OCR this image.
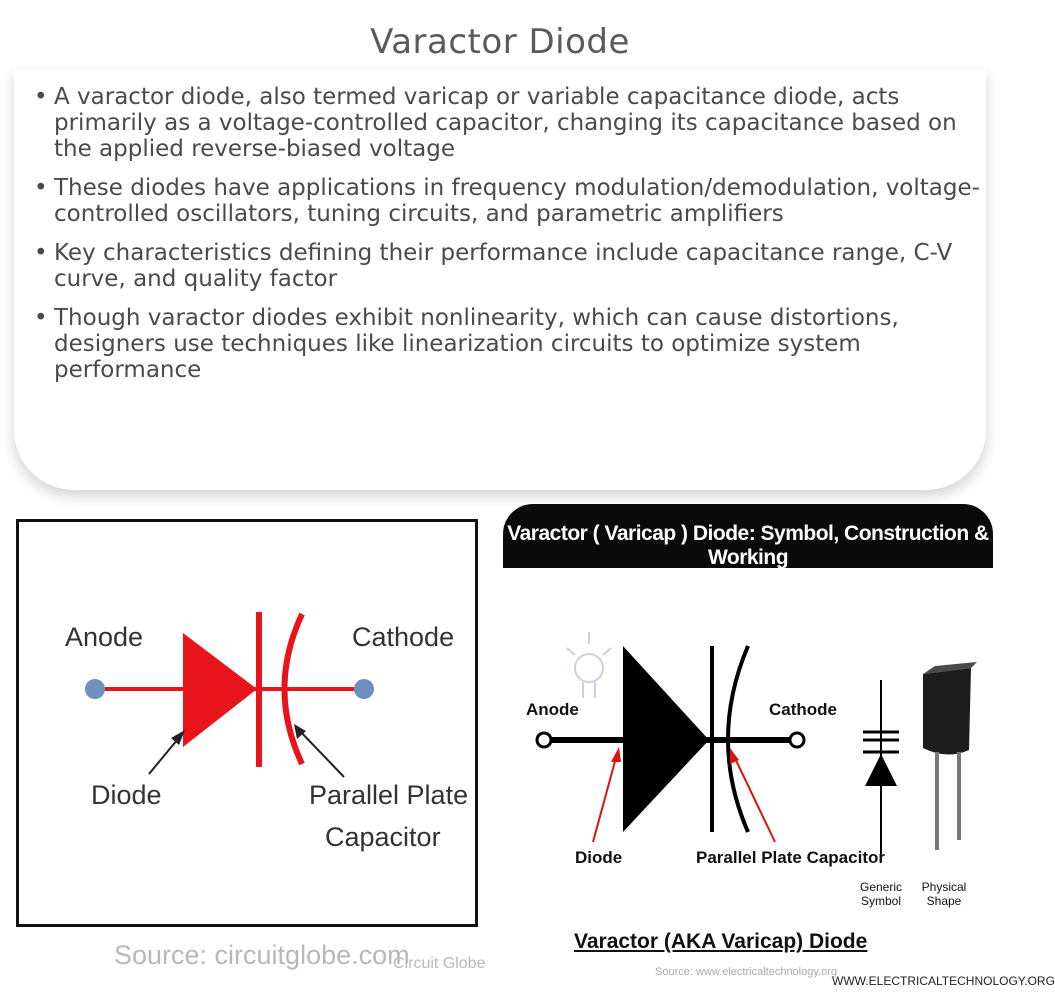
Varactor Diode
• A varactor diode, also termed varicap or variable capacitance diode, acts primarily as a voltage-controlled capacitor, changing its capacitance based on the applied reverse-biased voltage
• These diodes have applications in frequency modulation/demodulation, voltage-controlled oscillators, tuning circuits, and parametric amplifiers
• Key characteristics defining their performance include capacitance range, C-V curve, and quality factor
• Though varactor diodes exhibit nonlinearity, which can cause distortions, designers use techniques like linearization circuits to optimize system performance
Anode	Cathode
Diode	Parallel Plate
Capacitor
Source: circuitglobe.com
Circuit Globe
Varactor ( Varicap ) Diode: Symbol, Construction & Working
Anode	Cathode
Diode	Parallel Plate Capacitor
Generic
Symbol
Physical
Shape
Varactor (AKA Varicap) Diode
Source: www.electricaltechnology.org
WWW.ELECTRICALTECHNOLOGY.ORG
